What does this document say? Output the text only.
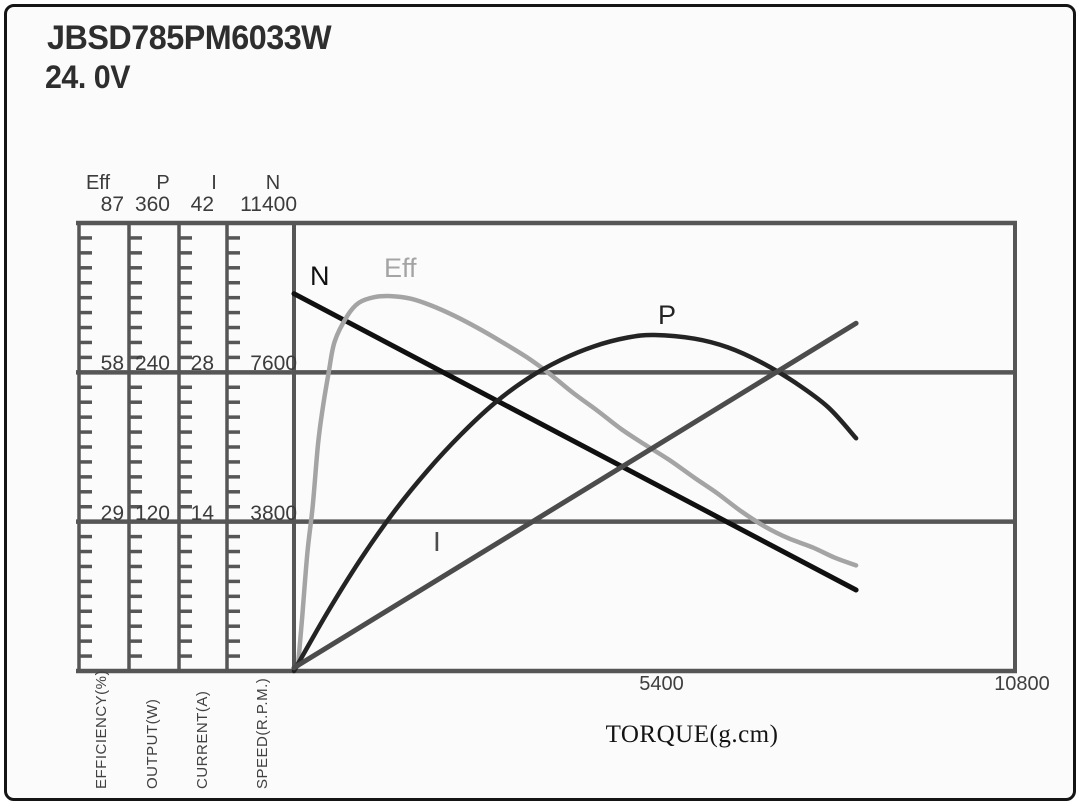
JBSD785PM6033W
24. 0V
Eff
87
58
29
EFFICIENCY(%)
P
360
240
120
OUTPUT(W)
I
42
28
14
CURRENT(A)
N
11400
7600
3800
SPEED(R.P.M.)	5400	10800
N Eff
P
I
TORQUE(g.cm)
